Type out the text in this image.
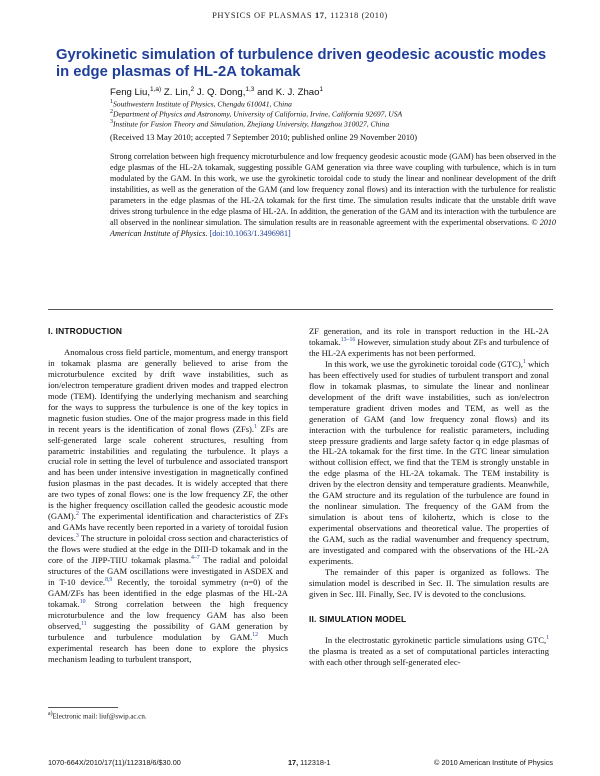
PHYSICS OF PLASMAS 17, 112318 (2010)
Gyrokinetic simulation of turbulence driven geodesic acoustic modes in edge plasmas of HL-2A tokamak
Feng Liu,$^{1,a)}$ Z. Lin,$^2$ J. Q. Dong,$^{1,3}$ and K. J. Zhao$^1$
$^1$Southwestern Institute of Physics, Chengdu 610041, China
$^2$Department of Physics and Astronomy, University of California, Irvine, California 92697, USA
$^3$Institute for Fusion Theory and Simulation, Zhejiang University, Hangzhou 310027, China
(Received 13 May 2010; accepted 7 September 2010; published online 29 November 2010)
Strong correlation between high frequency microturbulence and low frequency geodesic acoustic mode (GAM) has been observed in the edge plasmas of the HL-2A tokamak, suggesting possible GAM generation via three wave coupling with turbulence, which is in turn modulated by the GAM. In this work, we use the gyrokinetic toroidal code to study the linear and nonlinear development of the drift instabilities, as well as the generation of the GAM (and low frequency zonal flows) and its interaction with the turbulence for realistic parameters in the edge plasmas of the HL-2A tokamak for the first time. The simulation results indicate that the unstable drift wave drives strong turbulence in the edge plasma of HL-2A. In addition, the generation of the GAM and its interaction with the turbulence are all observed in the nonlinear simulation. The simulation results are in reasonable agreement with the experimental observations. © 2010 American Institute of Physics. [doi:10.1063/1.3496981]

I. INTRODUCTION

Anomalous cross field particle, momentum, and energy transport in tokamak plasma are generally believed to arise from the microturbulence excited by drift wave instabilities, such as ion/electron temperature gradient driven modes and trapped electron mode (TEM). Identifying the underlying mechanism and searching for the ways to suppress the turbulence is one of the key topics in magnetic fusion studies. One of the major progress made in this field in recent years is the identification of zonal flows (ZFs).$^1$ ZFs are self-generated large scale coherent structures, resulting from parametric instabilities and regulating the turbulence. It plays a crucial role in setting the level of turbulence and associated transport and has been under intensive investigation in magnetically confined fusion plasmas in the past decades. It is widely accepted that there are two types of zonal flows: one is the low frequency ZF, the other is the higher frequency oscillation called the geodesic acoustic mode (GAM).$^2$ The experimental identification and characteristics of ZFs and GAMs have recently been reported in a variety of toroidal fusion devices.$^3$ The structure in poloidal cross section and characteristics of the flows were studied at the edge in the DIII-D tokamak and in the core of the JIPP-TIIU tokamak plasma.$^{4-7}$ The radial and poloidal structures of the GAM oscillations were investigated in ASDEX and in T-10 device.$^{8,9}$ Recently, the toroidal symmetry (n=0) of the GAM/ZFs has been identified in the edge plasmas of the HL-2A tokamak.$^{10}$ Strong correlation between the high frequency microturbulence and the low frequency GAM has also been observed,$^{11}$ suggesting the possibility of GAM generation by turbulence and turbulence modulation by GAM.$^{12}$ Much experimental research has been done to explore the physics mechanism leading to turbulent transport,

ZF generation, and its role in transport reduction in the HL-2A tokamak.$^{13-16}$ However, simulation study about ZFs and turbulence of the HL-2A experiments has not been performed.

In this work, we use the gyrokinetic toroidal code (GTC),$^1$ which has been effectively used for studies of turbulent transport and zonal flow in tokamak plasmas, to simulate the linear and nonlinear development of the drift wave instabilities, such as ion/electron temperature gradient driven modes and TEM, as well as the generation of GAM (and low frequency zonal flows) and its interaction with the turbulence for realistic parameters, including steep pressure gradients and large safety factor q in edge plasmas of the HL-2A tokamak for the first time. In the GTC linear simulation without collision effect, we find that the TEM is strongly unstable in the edge plasma of the HL-2A tokamak. The TEM instability is driven by the electron density and temperature gradients. Meanwhile, the GAM structure and its regulation of the turbulence are found in the nonlinear simulation. The frequency of the GAM from the simulation is about tens of kilohertz, which is close to the experimental observations and theoretical value. The properties of the GAM, such as the radial wavenumber and frequency spectrum, are investigated and compared with the observations of the HL-2A experiments.

The remainder of this paper is organized as follows. The simulation model is described in Sec. II. The simulation results are given in Sec. III. Finally, Sec. IV is devoted to the conclusions.

II. SIMULATION MODEL

In the electrostatic gyrokinetic particle simulations using GTC,$^1$ the plasma is treated as a set of computational particles interacting with each other through self-generated elec-

$^{a)}$Electronic mail: liuf@swip.ac.cn.
1070-664X/2010/17(11)/112318/6/$30.00	17, 112318-1	© 2010 American Institute of Physics
